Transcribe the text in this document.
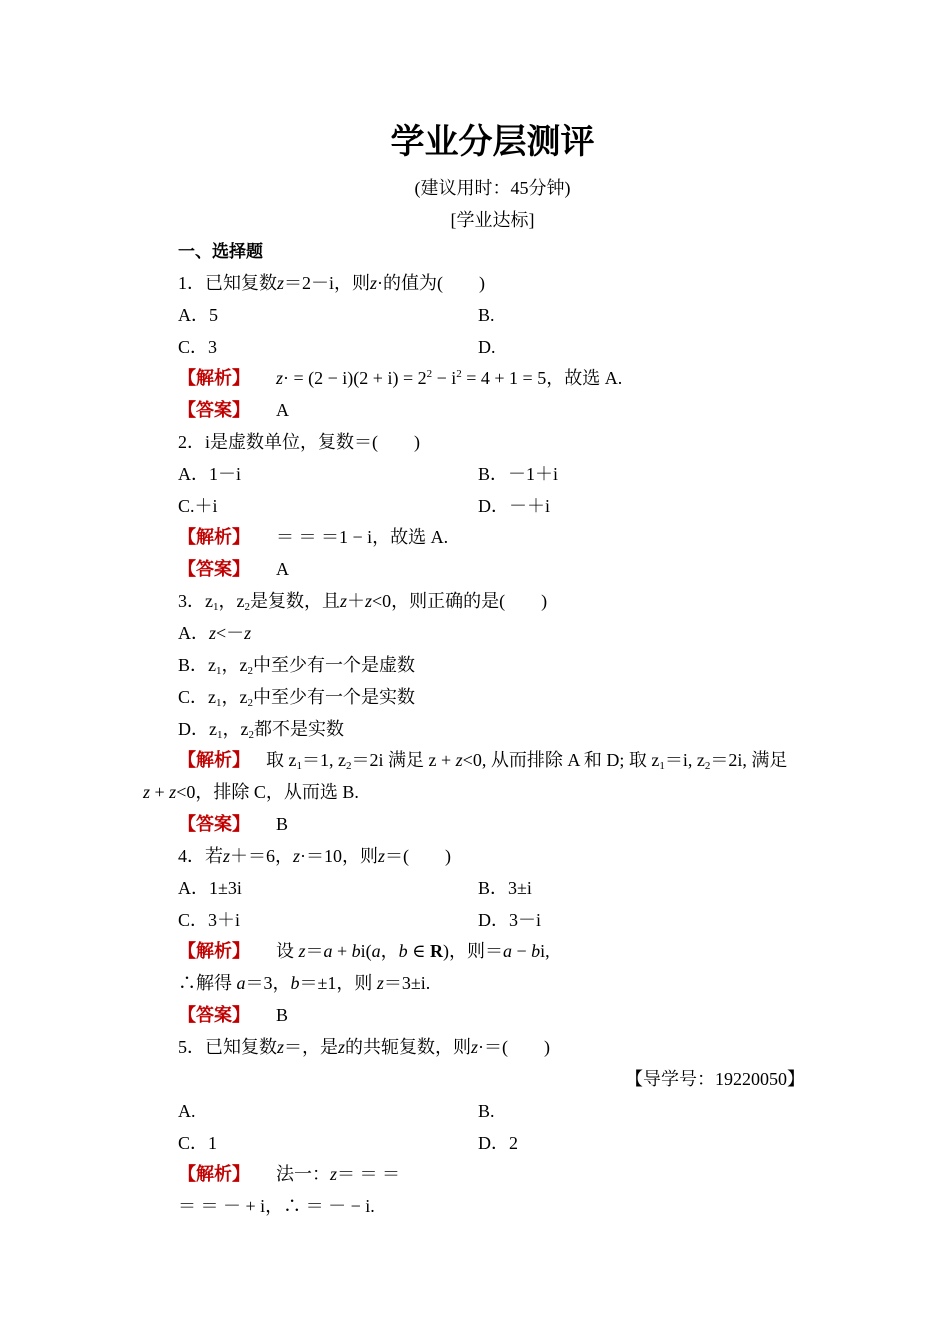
学业分层测评
(建议用时：45分钟)
[学业达标]
一、选择题
1．已知复数z＝2－i，则z·的值为(　　)
A．5	B.
C．3	D.
【解析】 $z\cdot = (2 - i)(2 + i) = 2^2 - i^2 = 4 + 1 = 5$，故选 A.
【答案】 A
2．i是虚数单位，复数＝(　　)
A．1－i	B．－1＋i
C.＋i	D．－＋i
【解析】 ＝ ＝ ＝1 − i，故选 A.
【答案】 A
3．$z_1$，$z_2$是复数，且z＋z<0，则正确的是(　　)
A．z<－z
B．$z_1$，$z_2$中至少有一个是虚数
C．$z_1$，$z_2$中至少有一个是实数
D．$z_1$，$z_2$都不是实数
【解析】 取 $z_1=1$, $z_2=2i$ 满足 z + z<0, 从而排除 A 和 D; 取 $z_1=i$, $z_2=2i$, 满足
z + z<0，排除 C，从而选 B.
【答案】 B
4．若z＋＝6，z·＝10，则z＝(　　)
A．1±3i	B．3±i
C．3＋i	D．3－i
【解析】 设 z＝a + bi(a，b ∈ R)，则＝a − bi,
∴解得 a＝3，b＝±1，则 z＝3±i.
【答案】 B
5．已知复数z＝，是z的共轭复数，则z·＝(　　)
【导学号：19220050】
A.	B.
C．1	D．2
【解析】 法一：z＝ ＝ ＝
＝ ＝ － + i，∴ ＝ － − i.
